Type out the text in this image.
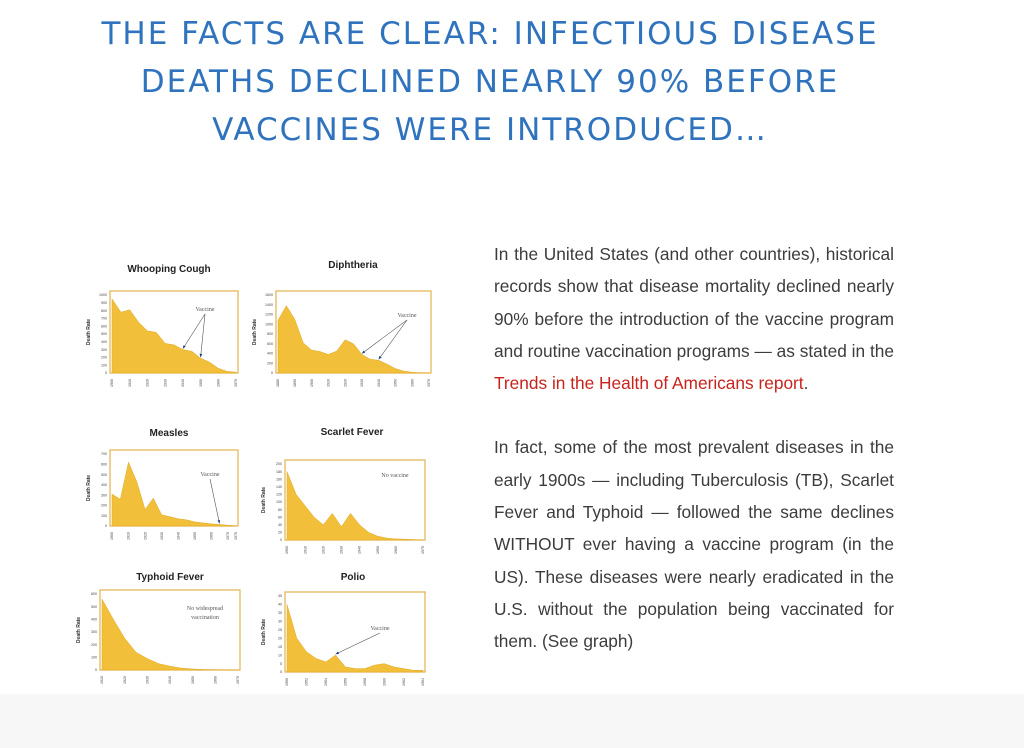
THE FACTS ARE CLEAR: INFECTIOUS DISEASE
DEATHS DECLINED NEARLY 90% BEFORE
VACCINES WERE INTRODUCED…
Whooping Cough
Death Rate
1000
900
800
700
600
500
400
300
200
100
0
1900	1910	1920	1930	1940	1950	1960	1970
Vaccine
Diphtheria
Death Rate
1600
1400
1200
1000
800
600
400
200
0
1880	1890	1900	1910	1920	1930	1940	1950	1960	1970
Vaccine
Measles
Death Rate
700
600
500
400
300
200
100
0
1900	1910	1920	1930	1940	1950	1960	1970 1975
Vaccine
Scarlet Fever
Death Rate
200
180
160
140
120
100
80
60
40
20
0
1900	1910	1920	1930	1940	1950	1960	1975
No vaccine
Typhoid Fever
Death Rate
600
500
400
300
200
100
0
1910	1920	1930	1940	1950	1960	1970
No widespread
vaccination
Polio
Death Rate
45
40
35
30
25
20
15
10
5
0
1950	1952	1954	1956	1958	1960	1962	1964
Vaccine

In the United States (and other countries), historical records show that disease mortality declined nearly 90% before the introduction of the vaccine program and routine vaccination programs — as stated in the Trends in the Health of Americans report.

In fact, some of the most prevalent diseases in the early 1900s — including Tuberculosis (TB), Scarlet Fever and Typhoid — followed the same declines WITHOUT ever having a vaccine program (in the US). These diseases were nearly eradicated in the U.S. without the population being vaccinated for them. (See graph)
